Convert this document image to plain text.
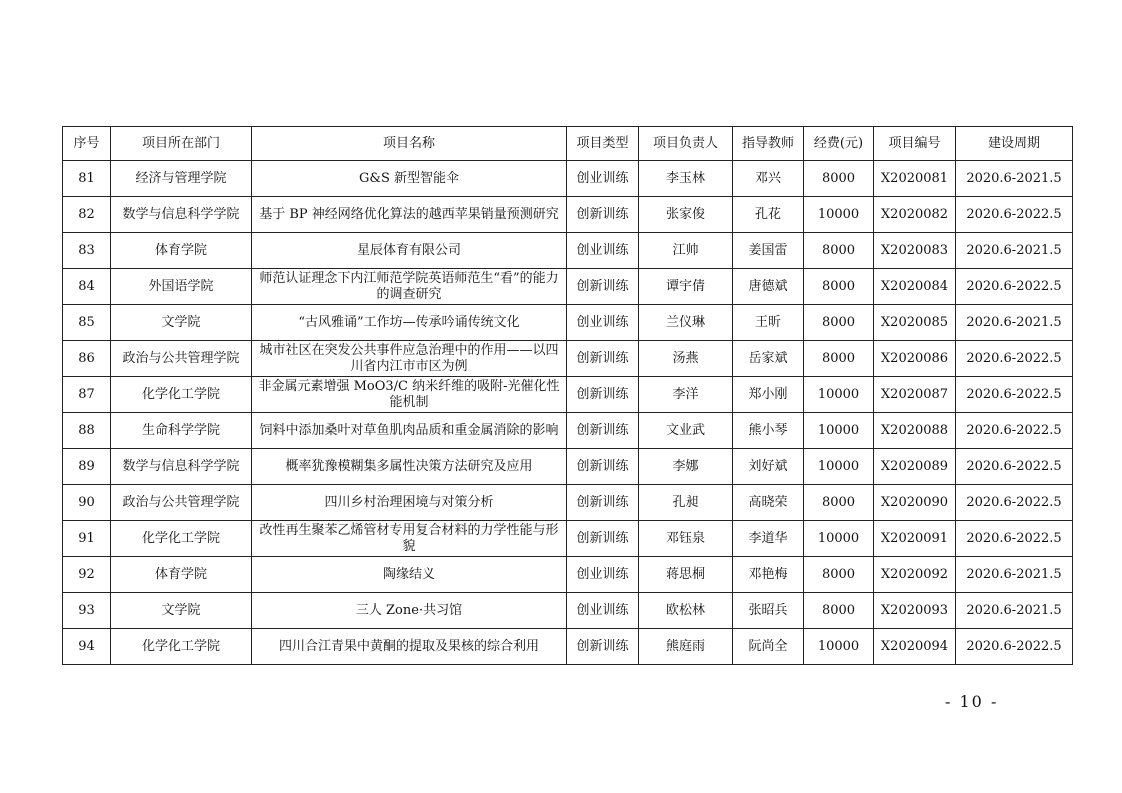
序号	项目所在部门	项目名称	项目类型	项目负责人	指导教师	经费(元)	项目编号	建设周期
81	经济与管理学院	G&S 新型智能伞	创业训练	李玉林	邓兴	8000	X2020081	2020.6-2021.5
82	数学与信息科学学院	基于 BP 神经网络优化算法的越西苹果销量预测研究	创新训练	张家俊	孔花	10000	X2020082	2020.6-2022.5
83	体育学院	星辰体育有限公司	创业训练	江帅	姜国雷	8000	X2020083	2020.6-2021.5
84	外国语学院	师范认证理念下内江师范学院英语师范生“看”的能力的调查研究	创新训练	谭宇倩	唐德斌	8000	X2020084	2020.6-2022.5
85	文学院	“古风雅诵”工作坊—传承吟诵传统文化	创业训练	兰仪琳	王昕	8000	X2020085	2020.6-2021.5
86	政治与公共管理学院	城市社区在突发公共事件应急治理中的作用——以四川省内江市市区为例	创新训练	汤燕	岳家斌	8000	X2020086	2020.6-2022.5
87	化学化工学院	非金属元素增强 MoO3/C 纳米纤维的吸附-光催化性能机制	创新训练	李洋	郑小刚	10000	X2020087	2020.6-2022.5
88	生命科学学院	饲料中添加桑叶对草鱼肌肉品质和重金属消除的影响	创新训练	文业武	熊小琴	10000	X2020088	2020.6-2022.5
89	数学与信息科学学院	概率犹豫模糊集多属性决策方法研究及应用	创新训练	李娜	刘好斌	10000	X2020089	2020.6-2022.5
90	政治与公共管理学院	四川乡村治理困境与对策分析	创新训练	孔昶	高晓荣	8000	X2020090	2020.6-2022.5
91	化学化工学院	改性再生聚苯乙烯管材专用复合材料的力学性能与形貌	创新训练	邓钰泉	李道华	10000	X2020091	2020.6-2022.5
92	体育学院	陶缘结义	创业训练	蒋思桐	邓艳梅	8000	X2020092	2020.6-2021.5
93	文学院	三人 Zone·共习馆	创业训练	欧松林	张昭兵	8000	X2020093	2020.6-2021.5
94	化学化工学院	四川合江青果中黄酮的提取及果核的综合利用	创新训练	熊庭雨	阮尚全	10000	X2020094	2020.6-2022.5
- 10 -
